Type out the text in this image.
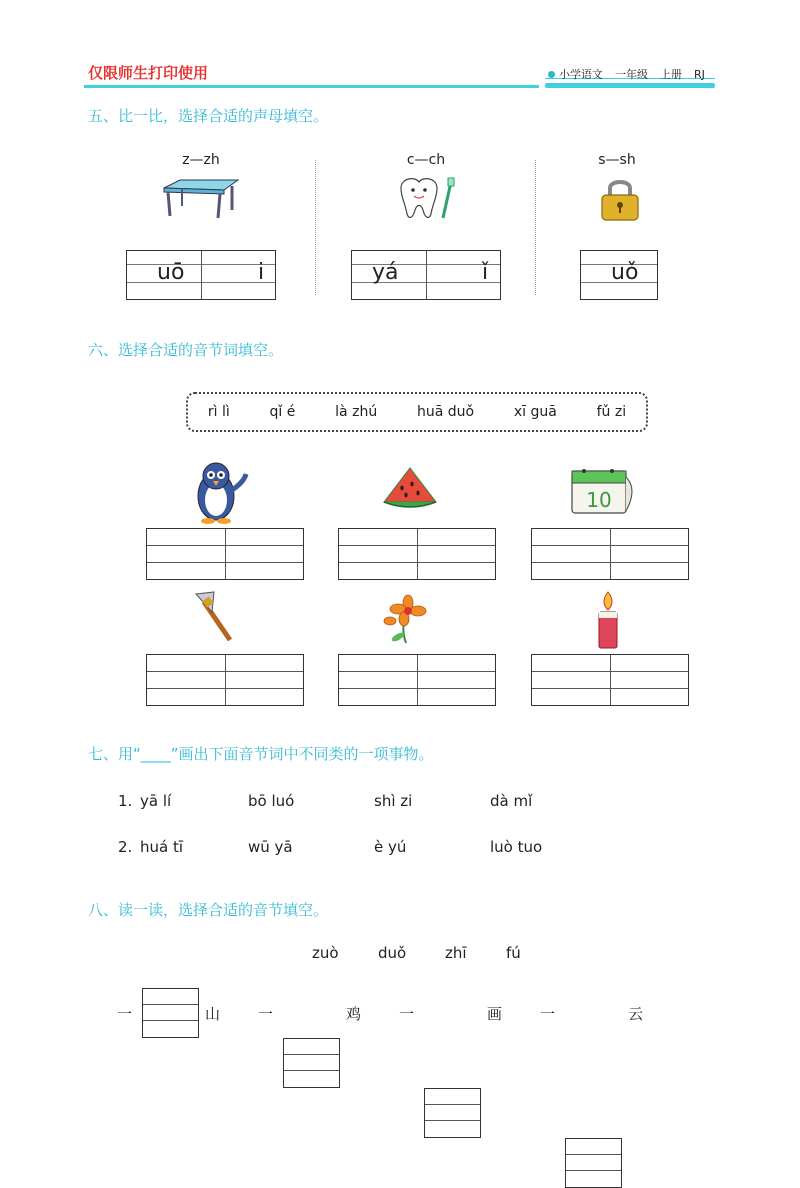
仅限师生打印使用	小学语文 一年级 上册 RJ
五、比一比，选择合适的声母填空。
z—zh	c—ch	s—sh
uō	i	yá	ǐ	uǒ
六、选择合适的音节词填空。
rì lì	qǐ é	là zhú	huā duǒ	xī guā	fǔ zi
10
七、用“____”画出下面音节词中不同类的一项事物。
1. yā lí	bō luó	shì zi	dà mǐ
2. huá tī	wū yā	è yú	luò tuo
八、读一读，选择合适的音节填空。
zuò	duǒ	zhī	fú
一	山	一	鸡	一	画	一	云
